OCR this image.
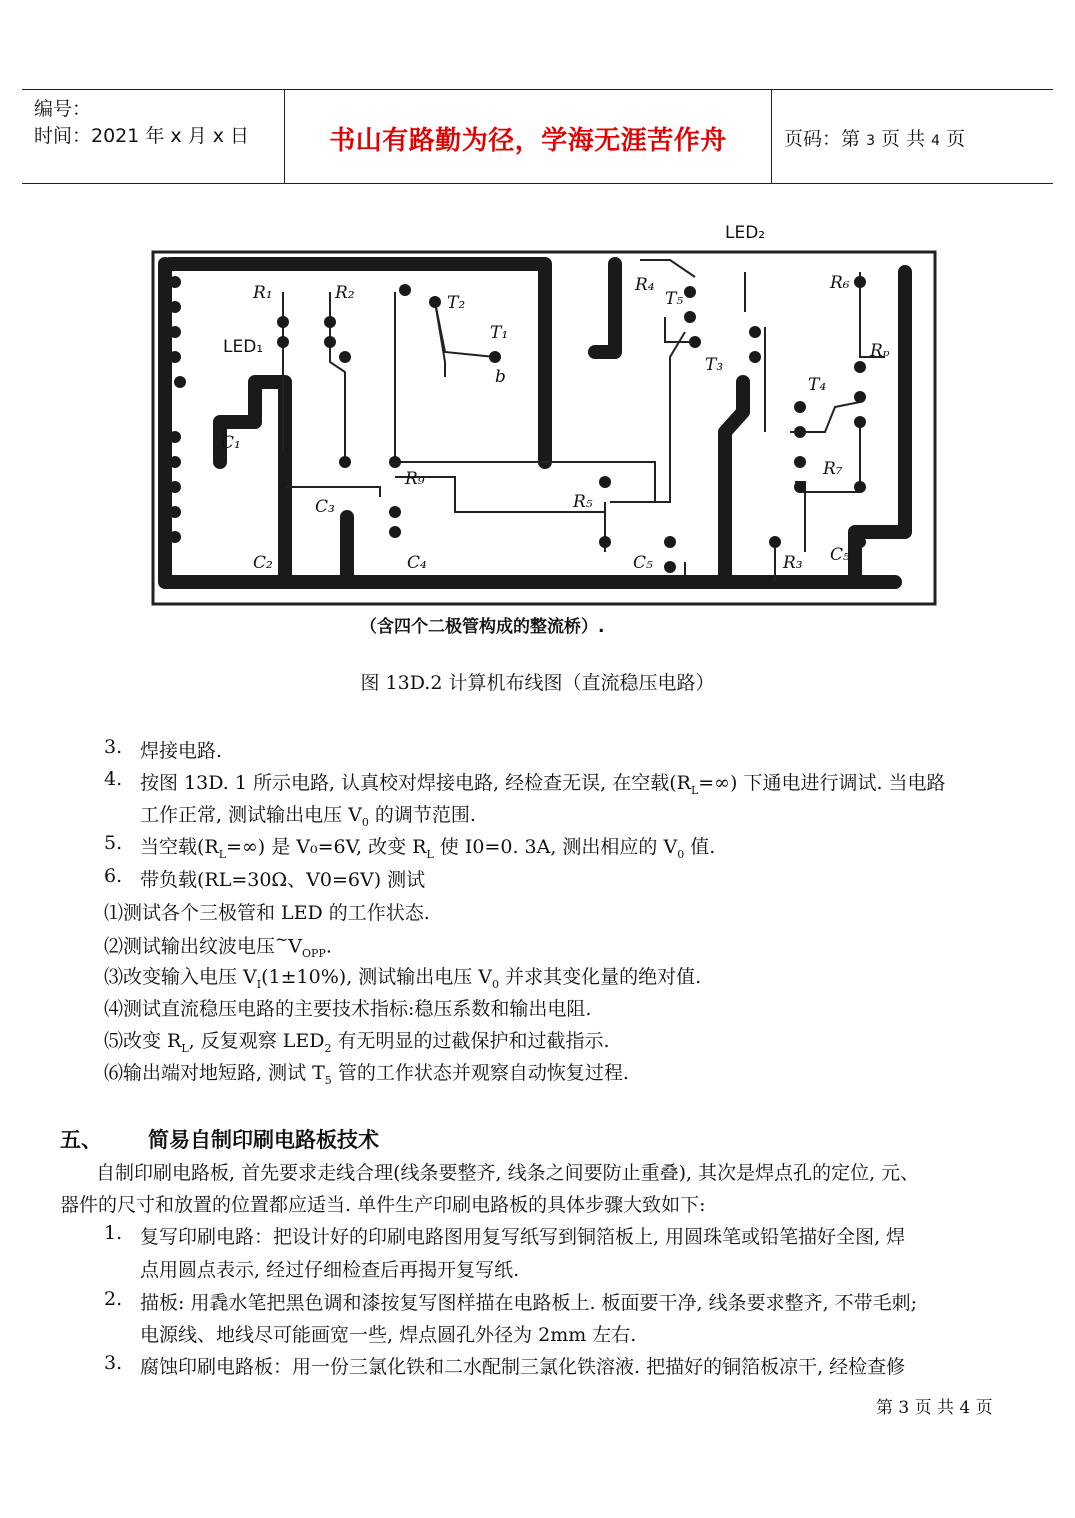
编号：
时间：2021 年 x 月 x 日	书山有路勤为径，学海无涯苦作舟	页码：第 3 页 共 4 页
LED₂
R₁	R₂	T₂
T₁
b
R₄
T₅
T₃
R₆
Rₚ
T₄
LED₁
C₁
R₉
C₃	R₅
R₇
C₂	C₄	C₅	R₃ C₅
（含四个二极管构成的整流桥）.
图 13D.2 计算机布线图（直流稳压电路）
3. 焊接电路.
4. 按图 13D. 1 所示电路, 认真校对焊接电路, 经检查无误, 在空载$(R_L=\infty)$ 下通电进行调试. 当电路
工作正常, 测试输出电压 $V_0$ 的调节范围.
5. 当空载$(R_L=\infty)$ 是 V₀=6V, 改变 $R_L$ 使 I0=0. 3A, 测出相应的 $V_0$ 值.
6. 带负载(RL=30Ω、V0=6V) 测试
⑴测试各个三极管和 LED 的工作状态.
⑵测试输出纹波电压$^\sim V_{OPP}$.
⑶改变输入电压 $V_I(1\pm 10\%)$, 测试输出电压 $V_0$ 并求其变化量的绝对值.
⑷测试直流稳压电路的主要技术指标:稳压系数和输出电阻.
⑸改变 $R_L$, 反复观察 $LED_2$ 有无明显的过截保护和过截指示.
⑹输出端对地短路, 测试 $T_5$ 管的工作状态并观察自动恢复过程.
五、 简易自制印刷电路板技术
自制印刷电路板, 首先要求走线合理(线条要整齐, 线条之间要防止重叠), 其次是焊点孔的定位, 元、
器件的尺寸和放置的位置都应适当. 单件生产印刷电路板的具体步骤大致如下:
1. 复写印刷电路：把设计好的印刷电路图用复写纸写到铜箔板上, 用圆珠笔或铅笔描好全图, 焊
点用圆点表示, 经过仔细检查后再揭开复写纸.
2. 描板: 用毳水笔把黑色调和漆按复写图样描在电路板上. 板面要干净, 线条要求整齐, 不带毛刺;
电源线、地线尽可能画宽一些, 焊点圆孔外径为 2mm 左右.
3. 腐蚀印刷电路板：用一份三氯化铁和二水配制三氯化铁溶液. 把描好的铜箔板凉干, 经检查修
第 3 页 共 4 页
